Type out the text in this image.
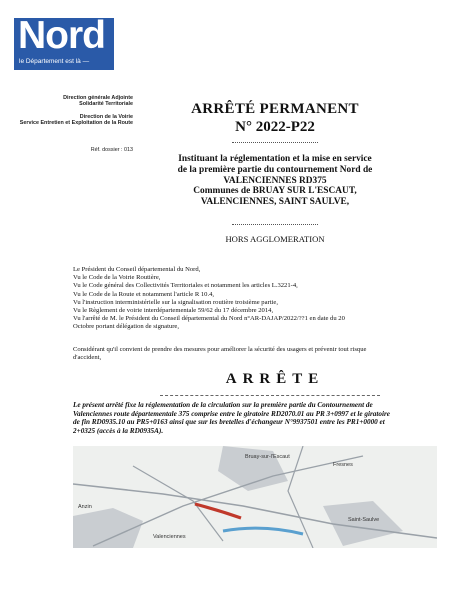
Nord
le Département est là —
Direction générale Adjointe
Solidarité Territoriale
Direction de la Voirie
Service Entretien et Exploitation de la Route
Réf. dossier : 013
ARRÊTÉ PERMANENT
N° 2022-P22
Instituant la réglementation et la mise en service
de la première partie du contournement Nord de
VALENCIENNES RD375
Communes de BRUAY SUR L'ESCAUT,
VALENCIENNES, SAINT SAULVE,
HORS AGGLOMERATION
Le Président du Conseil départemental du Nord,
Vu le Code de la Voirie Routière,
Vu le Code général des Collectivités Territoriales et notamment les articles L.3221-4,
Vu le Code de la Route et notamment l'article R 10.4,
Vu l'instruction interministérielle sur la signalisation routière troisième partie,
Vu le Règlement de voirie interdépartementale 59/62 du 17 décembre 2014,
Vu l'arrêté de M. le Président du Conseil départemental du Nord n°AR-DAJAP/2022/??1 en date du 20
Octobre portant délégation de signature,
Considérant qu'il convient de prendre des mesures pour améliorer la sécurité des usagers et prévenir tout risque
d'accident,
ARRÊTE
Le présent arrêté fixe la réglementation de la circulation sur la première partie du Contournement de
Valenciennes route départementale 375 comprise entre le giratoire RD2070.01 au PR 3+0997 et le giratoire
de fin RD0935.10 au PR5+0163 ainsi que sur les bretelles d'échangeur N°9937501 entre les PR1+0000 et
2+0325 (accès à la RD0935A).
Bruay-sur-l'Escaut
Fresnes
Valenciennes
Saint-Saulve
Anzin
